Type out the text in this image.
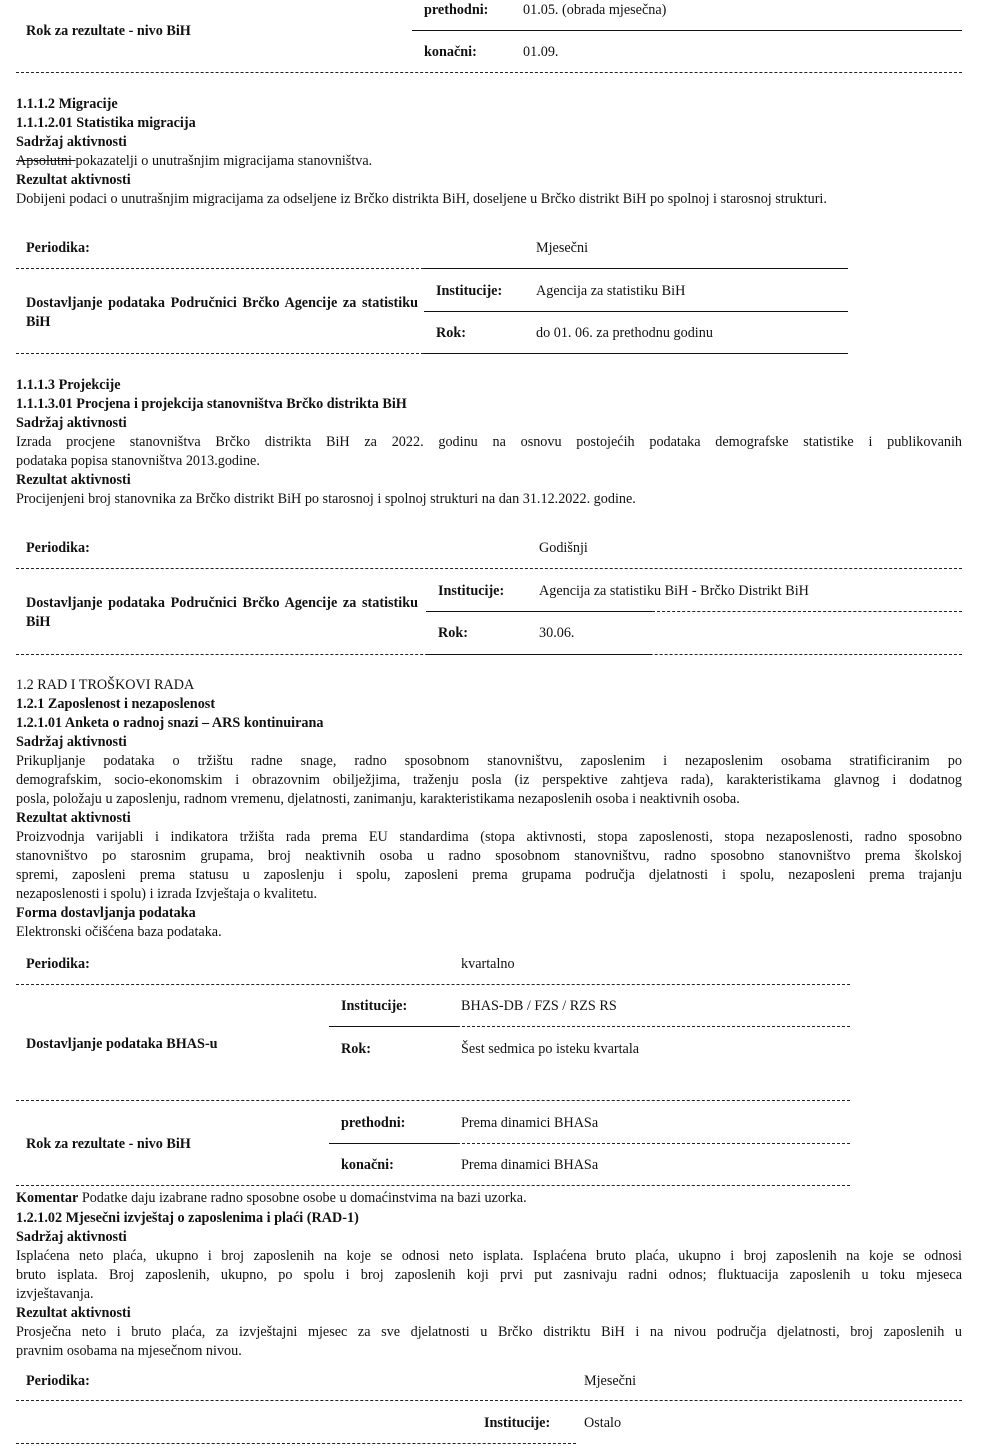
Rok za rezultate - nivo BiH
prethodni: 01.05. (obrada mjesečna)
konačni:	01.09.
1.1.1.2 Migracije
1.1.1.2.01 Statistika migracija
Sadržaj aktivnosti
Apsolutni pokazatelji o unutrašnjim migracijama stanovništva.
Rezultat aktivnosti
Dobijeni podaci o unutrašnjim migracijama za odseljene iz Brčko distrikta BiH, doseljene u Brčko distrikt BiH po spolnoj i starosnoj strukturi.
Periodika:	Mjesečni
Dostavljanje podataka Područnici Brčko Agencije za statistiku BiH
Institucije: Agencija za statistiku BiH
Rok:	do 01. 06. za prethodnu godinu
1.1.1.3 Projekcije
1.1.1.3.01 Procjena i projekcija stanovništva Brčko distrikta BiH
Sadržaj aktivnosti
Izrada procjene stanovništva Brčko distrikta BiH za 2022. godinu na osnovu postojećih podataka demografske statistike i publikovanih
podataka popisa stanovništva 2013.godine.
Rezultat aktivnosti
Procijenjeni broj stanovnika za Brčko distrikt BiH po starosnoj i spolnoj strukturi na dan 31.12.2022. godine.
Periodika:	Godišnji
Dostavljanje podataka Područnici Brčko Agencije za statistiku BiH
Institucije: Agencija za statistiku BiH - Brčko Distrikt BiH
Rok:	30.06.
1.2 RAD I TROŠKOVI RADA
1.2.1 Zaposlenost i nezaposlenost
1.2.1.01 Anketa o radnoj snazi – ARS kontinuirana
Sadržaj aktivnosti
Prikupljanje podataka o tržištu radne snage, radno sposobnom stanovništvu, zaposlenim i nezaposlenim osobama stratificiranim po
demografskim, socio-ekonomskim i obrazovnim obilježjima, traženju posla (iz perspektive zahtjeva rada), karakteristikama glavnog i dodatnog
posla, položaju u zaposlenju, radnom vremenu, djelatnosti, zanimanju, karakteristikama nezaposlenih osoba i neaktivnih osoba.
Rezultat aktivnosti
Proizvodnja varijabli i indikatora tržišta rada prema EU standardima (stopa aktivnosti, stopa zaposlenosti, stopa nezaposlenosti, radno sposobno
stanovništvo po starosnim grupama, broj neaktivnih osoba u radno sposobnom stanovništvu, radno sposobno stanovništvo prema školskoj
spremi, zaposleni prema statusu u zaposlenju i spolu, zaposleni prema grupama područja djelatnosti i spolu, nezaposleni prema trajanju
nezaposlenosti i spolu) i izrada Izvještaja o kvalitetu.
Forma dostavljanja podataka
Elektronski očišćena baza podataka.
Periodika:	kvartalno
Dostavljanje podataka BHAS-u
Institucije:	BHAS-DB / FZS / RZS RS
Rok:	Šest sedmica po isteku kvartala
Rok za rezultate - nivo BiH
prethodni:	Prema dinamici BHASa
konačni:	Prema dinamici BHASa
Komentar Podatke daju izabrane radno sposobne osobe u domaćinstvima na bazi uzorka.
1.2.1.02 Mjesečni izvještaj o zaposlenima i plaći (RAD-1)
Sadržaj aktivnosti
Isplaćena neto plaća, ukupno i broj zaposlenih na koje se odnosi neto isplata. Isplaćena bruto plaća, ukupno i broj zaposlenih na koje se odnosi
bruto isplata. Broj zaposlenih, ukupno, po spolu i broj zaposlenih koji prvi put zasnivaju radni odnos; fluktuacija zaposlenih u toku mjeseca
izvještavanja.
Rezultat aktivnosti
Prosječna neto i bruto plaća, za izvještajni mjesec za sve djelatnosti u Brčko distriktu BiH i na nivou područja djelatnosti, broj zaposlenih u
pravnim osobama na mjesečnom nivou.
Periodika:	Mjesečni
Institucije: Ostalo
